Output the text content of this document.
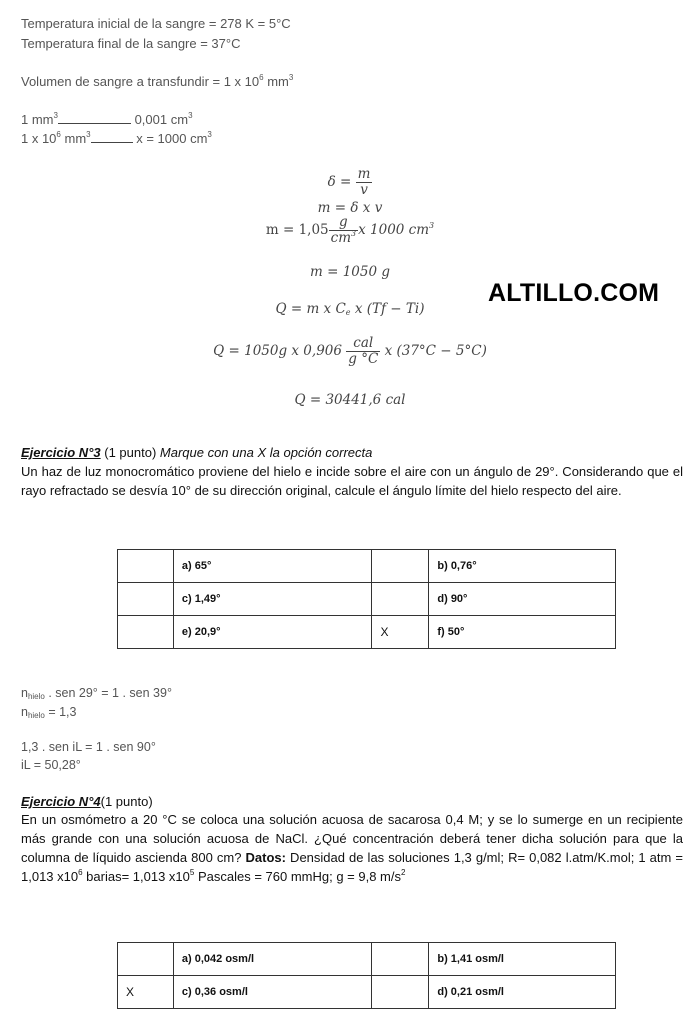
Temperatura inicial de la sangre = 278 K = 5°C
Temperatura final de la sangre = 37°C
Volumen de sangre a transfundir = 1 x $10^6$ $mm^3$
1 $mm^3$	0,001 $cm^3$
1 x $10^6$ $mm^3$	x = 1000 $cm^3$
$\delta = \frac{m}{v}$
m = δ x v
$m = 1,05 \frac{g}{cm^3}$ x 1000 $cm^3$
m = 1050 g
Q = m x $C_e$ x (Tf − Ti)
Q = 1050g x $0,906 \frac{\text{cal}}{g ^\circ C}$ x (37°C − 5°C)
Q = 30441,6 cal
ALTILLO.COM
Ejercicio N°3 (1 punto) Marque con una X la opción correcta
Un haz de luz monocromático proviene del hielo e incide sobre el aire con un ángulo de 29°. Considerando que el rayo refractado se desvía 10° de su dirección original, calcule el ángulo límite del hielo respecto del aire.
	a) 65°		b) 0,76°
	c) 1,49°		d) 90°
	e) 20,9°	X	f) 50°
$n_{hielo}$ . sen 29° = 1 . sen 39°
$n_{hielo} = 1,3$
1,3 . sen iL = 1 . sen 90°
iL = 50,28°
Ejercicio N°4(1 punto)
En un osmómetro a 20 °C se coloca una solución acuosa de sacarosa 0,4 M; y se lo sumerge en un recipiente más grande con una solución acuosa de NaCl. ¿Qué concentración deberá tener dicha solución para que la columna de líquido ascienda 800 cm? Datos: Densidad de las soluciones 1,3 g/ml; R= 0,082 l.atm/K.mol; 1 atm = 1,013 $x10^6$ barias= 1,013 $x10^5$ Pascales = 760 mmHg; g = 9,8 $m/s^2$
	a) 0,042 osm/l		b) 1,41 osm/l
X	c) 0,36 osm/l		d) 0,21 osm/l
